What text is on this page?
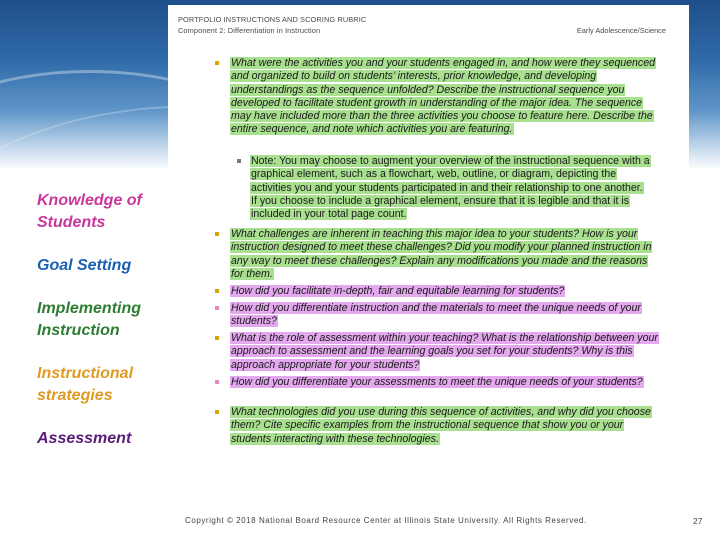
PORTFOLIO INSTRUCTIONS AND SCORING RUBRIC
Component 2: Differentiation in Instruction	Early Adolescence/Science
What were the activities you and your students engaged in, and how were they sequenced and organized to build on students’ interests, prior knowledge, and developing understandings as the sequence unfolded? Describe the instructional sequence you developed to facilitate student growth in understanding of the major idea. The sequence may have included more than the three activities you choose to feature here. Describe the entire sequence, and note which activities you are featuring.
Note: You may choose to augment your overview of the instructional sequence with a graphical element, such as a flowchart, web, outline, or diagram, depicting the activities you and your students participated in and their relationship to one another. If you choose to include a graphical element, ensure that it is legible and that it is included in your total page count.
What challenges are inherent in teaching this major idea to your students? How is your instruction designed to meet these challenges? Did you modify your planned instruction in any way to meet these challenges? Explain any modifications you made and the reasons for them.
How did you facilitate in-depth, fair and equitable learning for students?
How did you differentiate instruction and the materials to meet the unique needs of your students?
What is the role of assessment within your teaching? What is the relationship between your approach to assessment and the learning goals you set for your students? Why is this approach appropriate for your students?
How did you differentiate your assessments to meet the unique needs of your students?
What technologies did you use during this sequence of activities, and why did you choose them? Cite specific examples from the instructional sequence that show you or your students interacting with these technologies.
Knowledge of Students
Goal Setting
Implementing Instruction
Instructional strategies
Assessment
Copyright © 2018 National Board Resource Center at Illinois State University. All Rights Reserved.	27
